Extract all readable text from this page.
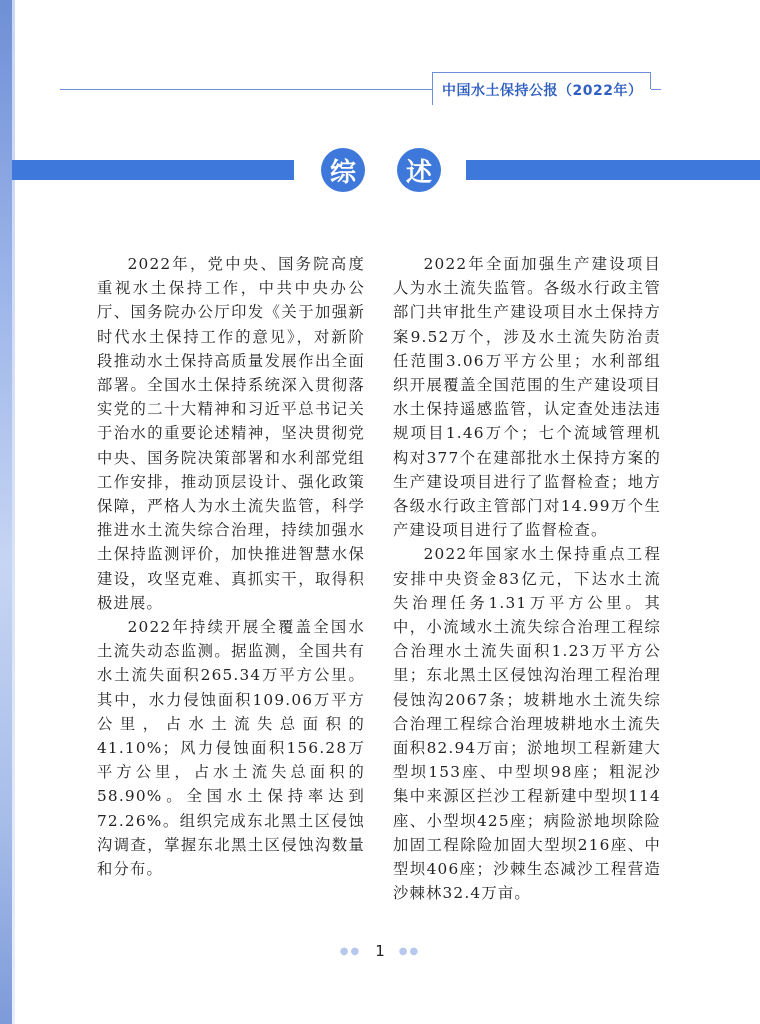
中国水土保持公报（2022年）
综	述

2022年，党中央、国务院高度重视水土保持工作，中共中央办公厅、国务院办公厅印发《关于加强新时代水土保持工作的意见》，对新阶段推动水土保持高质量发展作出全面部署。全国水土保持系统深入贯彻落实党的二十大精神和习近平总书记关于治水的重要论述精神，坚决贯彻党中央、国务院决策部署和水利部党组工作安排，推动顶层设计、强化政策保障，严格人为水土流失监管，科学推进水土流失综合治理，持续加强水土保持监测评价，加快推进智慧水保建设，攻坚克难、真抓实干，取得积极进展。

2022年持续开展全覆盖全国水土流失动态监测。据监测，全国共有水土流失面积265.34万平方公里。其中，水力侵蚀面积109.06万平方公里，占水土流失总面积的41.10%；风力侵蚀面积156.28万平方公里，占水土流失总面积的58.90%。全国水土保持率达到72.26%。组织完成东北黑土区侵蚀沟调查，掌握东北黑土区侵蚀沟数量和分布。

2022年全面加强生产建设项目人为水土流失监管。各级水行政主管部门共审批生产建设项目水土保持方案9.52万个，涉及水土流失防治责任范围3.06万平方公里；水利部组织开展覆盖全国范围的生产建设项目水土保持遥感监管，认定查处违法违规项目1.46万个；七个流域管理机构对377个在建部批水土保持方案的生产建设项目进行了监督检查；地方各级水行政主管部门对14.99万个生产建设项目进行了监督检查。

2022年国家水土保持重点工程安排中央资金83亿元，下达水土流失治理任务1.31万平方公里。其中，小流域水土流失综合治理工程综合治理水土流失面积1.23万平方公里；东北黑土区侵蚀沟治理工程治理侵蚀沟2067条；坡耕地水土流失综合治理工程综合治理坡耕地水土流失面积82.94万亩；淤地坝工程新建大型坝153座、中型坝98座；粗泥沙集中来源区拦沙工程新建中型坝114座、小型坝425座；病险淤地坝除险加固工程除险加固大型坝216座、中型坝406座；沙棘生态减沙工程营造沙棘林32.4万亩。

●● 1 ●●
